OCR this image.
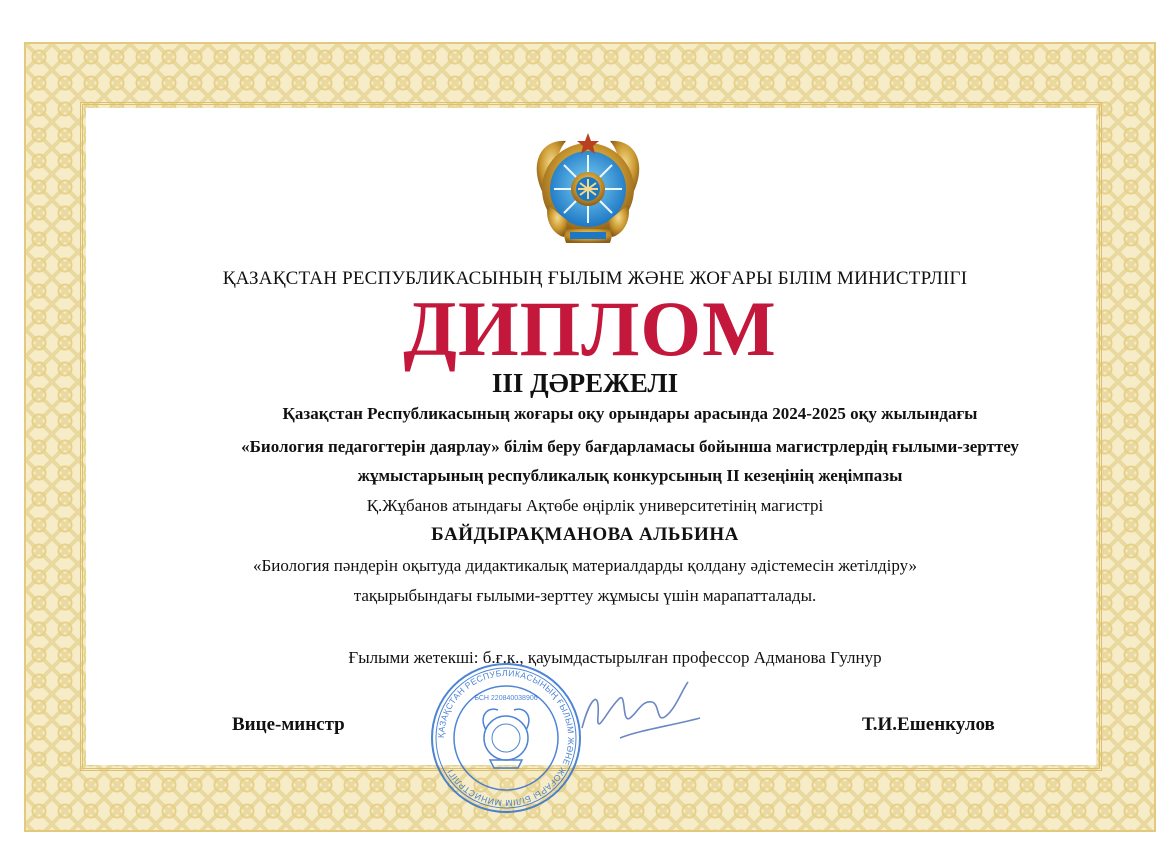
ҚАЗАҚСТАН РЕСПУБЛИКАСЫНЫҢ ҒЫЛЫМ ЖӘНЕ ЖОҒАРЫ БІЛІМ МИНИСТРЛІГІ
ДИПЛОМ
III ДӘРЕЖЕЛІ
Қазақстан Республикасының жоғары оқу орындары арасында 2024-2025 оқу жылындағы
«Биология педагогтерін даярлау» білім беру бағдарламасы бойынша магистрлердің ғылыми-зерттеу
жұмыстарының республикалық конкурсының ІІ кезеңінің жеңімпазы
Қ.Жұбанов атындағы Ақтөбе өңірлік университетінің магистрі
БАЙДЫРАҚМАНОВА АЛЬБИНА
«Биология пәндерін оқытуда дидактикалық материалдарды қолдану әдістемесін жетілдіру»
тақырыбындағы ғылыми-зерттеу жұмысы үшін марапатталады.
Ғылыми жетекші: б.ғ.к., қауымдастырылған профессор Адманова Гулнур
Вице-минстр	Т.И.Ешенкулов
ҚАЗАҚСТАН РЕСПУБЛИКАСЫНЫҢ ҒЫЛЫМ ЖӘНЕ ЖОҒАРЫ БІЛІМ МИНИСТРЛІГІ
БСН 220840038906
